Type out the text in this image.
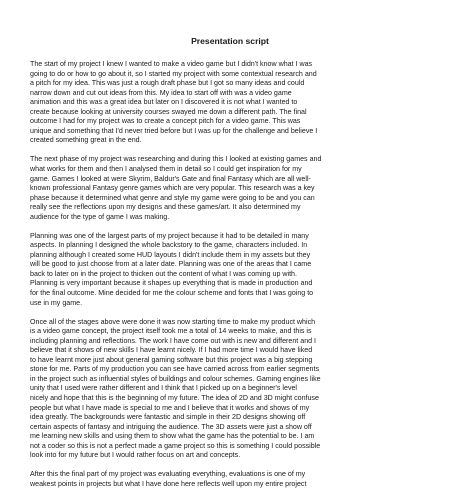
Presentation script
The start of my project I knew I wanted to make a video game but I didn't know what I was
going to do or how to go about it, so I started my project with some contextual research and
a pitch for my idea. This was just a rough draft phase but I got so many ideas and could
narrow down and cut out ideas from this. My idea to start off with was a video game
animation and this was a great idea but later on I discovered it is not what I wanted to
create because looking at university courses swayed me down a different path. The final
outcome I had for my project was to create a concept pitch for a video game. This was
unique and something that I'd never tried before but I was up for the challenge and believe I
created something great in the end.
The next phase of my project was researching and during this I looked at existing games and
what works for them and then I analysed them in detail so I could get inspiration for my
game. Games I looked at were Skyrim, Baldur's Gate and final Fantasy which are all well-
known professional Fantasy genre games which are very popular. This research was a key
phase because it determined what genre and style my game were going to be and you can
really see the reflections upon my designs and these games/art. It also determined my
audience for the type of game I was making.
Planning was one of the largest parts of my project because it had to be detailed in many
aspects. In planning I designed the whole backstory to the game, characters included. In
planning although I created some HUD layouts I didn't include them in my assets but they
will be good to just choose from at a later date. Planning was one of the areas that I came
back to later on in the project to thicken out the content of what I was coming up with.
Planning is very important because it shapes up everything that is made in production and
for the final outcome. Mine decided for me the colour scheme and fonts that I was going to
use in my game.
Once all of the stages above were done it was now starting time to make my product which
is a video game concept, the project itself took me a total of 14 weeks to make, and this is
including planning and reflections. The work I have come out with is new and different and I
believe that it shows of new skills I have learnt nicely. If I had more time I would have liked
to have learnt more just about general gaming software but this project was a big stepping
stone for me. Parts of my production you can see have carried across from earlier segments
in the project such as influential styles of buildings and colour schemes. Gaming engines like
unity that I used were rather different and I think that I picked up on a beginner's level
nicely and hope that this is the beginning of my future. The idea of 2D and 3D might confuse
people but what I have made is special to me and I believe that it works and shows of my
idea greatly. The backgrounds were fantastic and simple in their 2D designs showing off
certain aspects of fantasy and intriguing the audience. The 3D assets were just a show off
me learning new skills and using them to show what the game has the potential to be. I am
not a coder so this is not a perfect made a game project so this is something I could possible
look into for my future but I would rather focus on art and concepts.
After this the final part of my project was evaluating everything, evaluations is one of my
weakest points in projects but what I have done here reflects well upon my entire project
